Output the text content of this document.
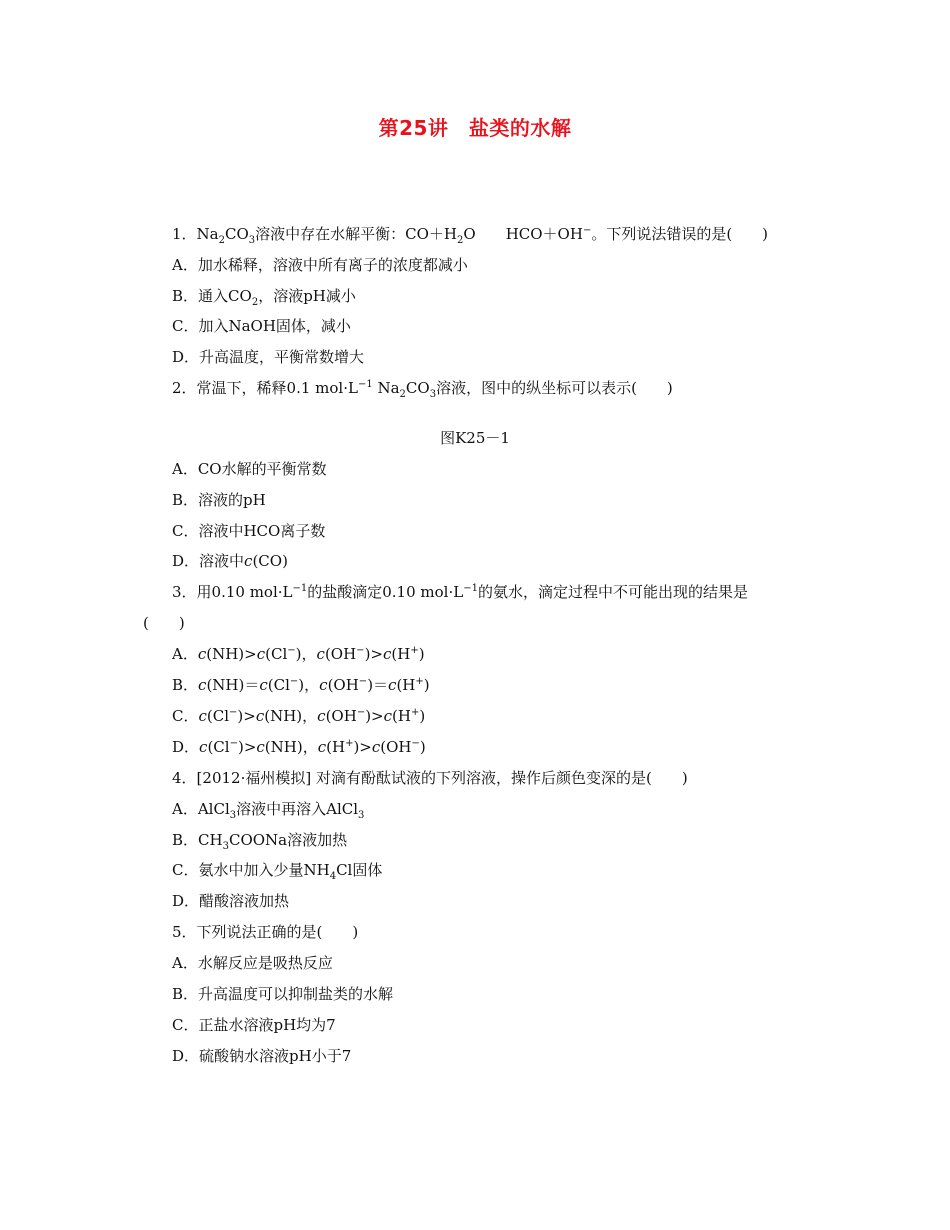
第25讲　盐类的水解
1．$Na_2CO_3$溶液中存在水解平衡：$CO+H_2O$　　HCO＋OH−。下列说法错误的是(　　)
A．加水稀释，溶液中所有离子的浓度都减小
B．通入$CO_2$，溶液pH减小
C．加入NaOH固体，减小
D．升高温度，平衡常数增大
2．常温下，稀释0.1 $mol\cdot L^{-1}$ $Na_2CO_3$溶液，图中的纵坐标可以表示(　　)
图K25－1
A．CO水解的平衡常数
B．溶液的pH
C．溶液中HCO离子数
D．溶液中c(CO)
3．用0.10 $mol\cdot L^{-1}$的盐酸滴定0.10 $mol\cdot L^{-1}$的氨水，滴定过程中不可能出现的结果是
(　　)
A．c(NH)>c(Cl−)，c(OH−)>c(H+)
B．c(NH)＝c(Cl−)，c(OH−)＝c(H+)
C．c(Cl−)>c(NH)，c(OH−)>c(H+)
D．c(Cl−)>c(NH)，c(H+)>c(OH−)
4．[2012·福州模拟] 对滴有酚酞试液的下列溶液，操作后颜色变深的是(　　)
A．AlCl$_3$溶液中再溶入AlCl$_3$
B．$CH_3COONa$溶液加热
C．氨水中加入少量$NH_4Cl$固体
D．醋酸溶液加热
5．下列说法正确的是(　　)
A．水解反应是吸热反应
B．升高温度可以抑制盐类的水解
C．正盐水溶液pH均为7
D．硫酸钠水溶液pH小于7
